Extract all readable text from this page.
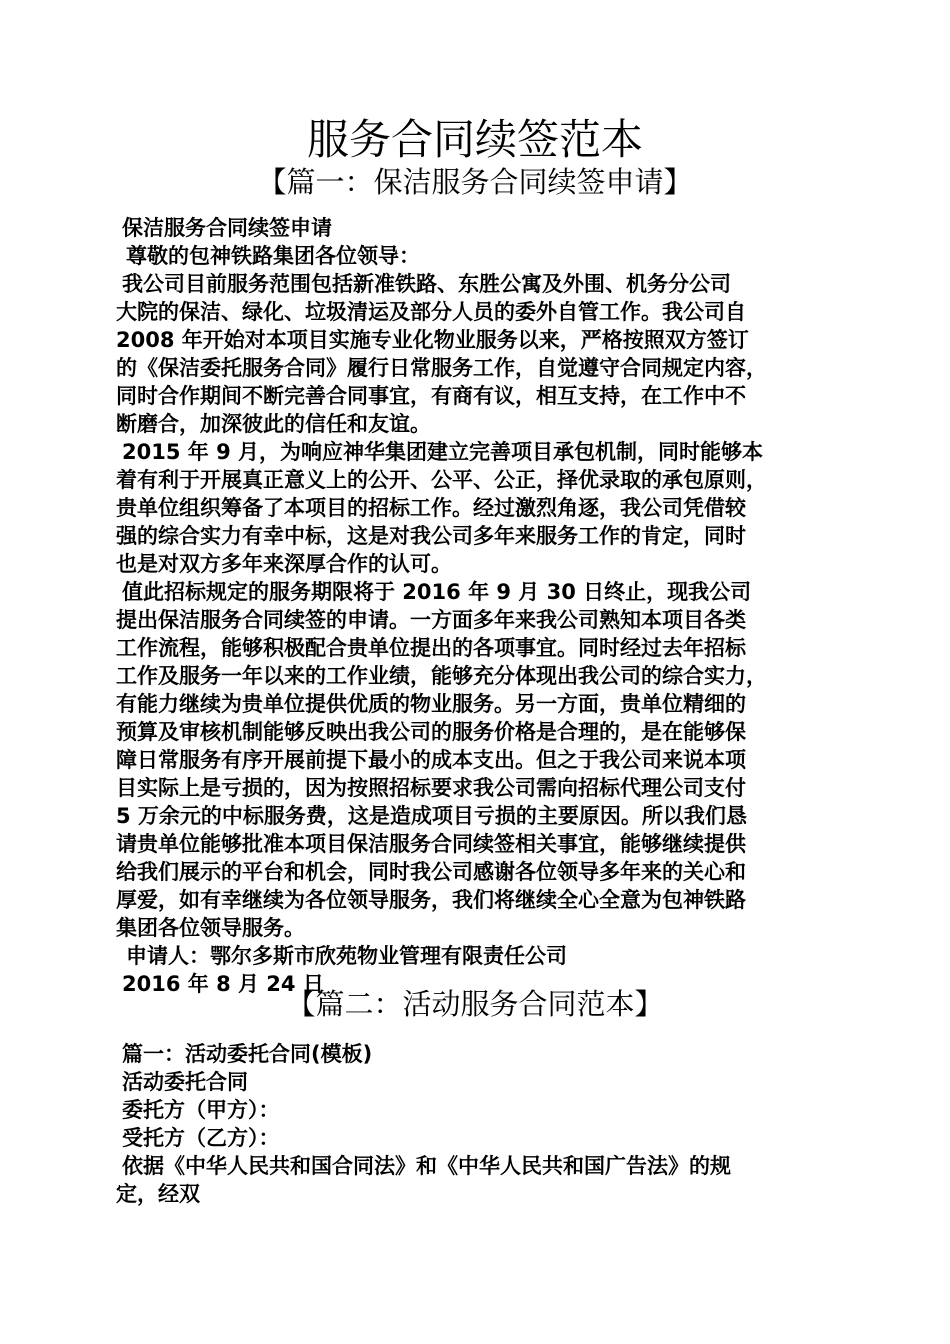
服务合同续签范本
【篇一：保洁服务合同续签申请】
保洁服务合同续签申请
尊敬的包神铁路集团各位领导：
我公司目前服务范围包括新准铁路、东胜公寓及外围、机务分公司
大院的保洁、绿化、垃圾清运及部分人员的委外自管工作。我公司自
2008 年开始对本项目实施专业化物业服务以来，严格按照双方签订
的《保洁委托服务合同》履行日常服务工作，自觉遵守合同规定内容，
同时合作期间不断完善合同事宜，有商有议，相互支持，在工作中不
断磨合，加深彼此的信任和友谊。
2015 年 9 月，为响应神华集团建立完善项目承包机制，同时能够本
着有利于开展真正意义上的公开、公平、公正，择优录取的承包原则，
贵单位组织筹备了本项目的招标工作。经过激烈角逐，我公司凭借较
强的综合实力有幸中标，这是对我公司多年来服务工作的肯定，同时
也是对双方多年来深厚合作的认可。
值此招标规定的服务期限将于 2016 年 9 月 30 日终止，现我公司
提出保洁服务合同续签的申请。一方面多年来我公司熟知本项目各类
工作流程，能够积极配合贵单位提出的各项事宜。同时经过去年招标
工作及服务一年以来的工作业绩，能够充分体现出我公司的综合实力，
有能力继续为贵单位提供优质的物业服务。另一方面，贵单位精细的
预算及审核机制能够反映出我公司的服务价格是合理的，是在能够保
障日常服务有序开展前提下最小的成本支出。但之于我公司来说本项
目实际上是亏损的，因为按照招标要求我公司需向招标代理公司支付
5 万余元的中标服务费，这是造成项目亏损的主要原因。所以我们恳
请贵单位能够批准本项目保洁服务合同续签相关事宜，能够继续提供
给我们展示的平台和机会，同时我公司感谢各位领导多年来的关心和
厚爱，如有幸继续为各位领导服务，我们将继续全心全意为包神铁路
集团各位领导服务。
申请人：鄂尔多斯市欣苑物业管理有限责任公司
2016 年 8 月 24 日
【篇二：活动服务合同范本】
篇一：活动委托合同(模板)
活动委托合同
委托方（甲方）：
受托方（乙方）：
依据《中华人民共和国合同法》和《中华人民共和国广告法》的规
定，经双
